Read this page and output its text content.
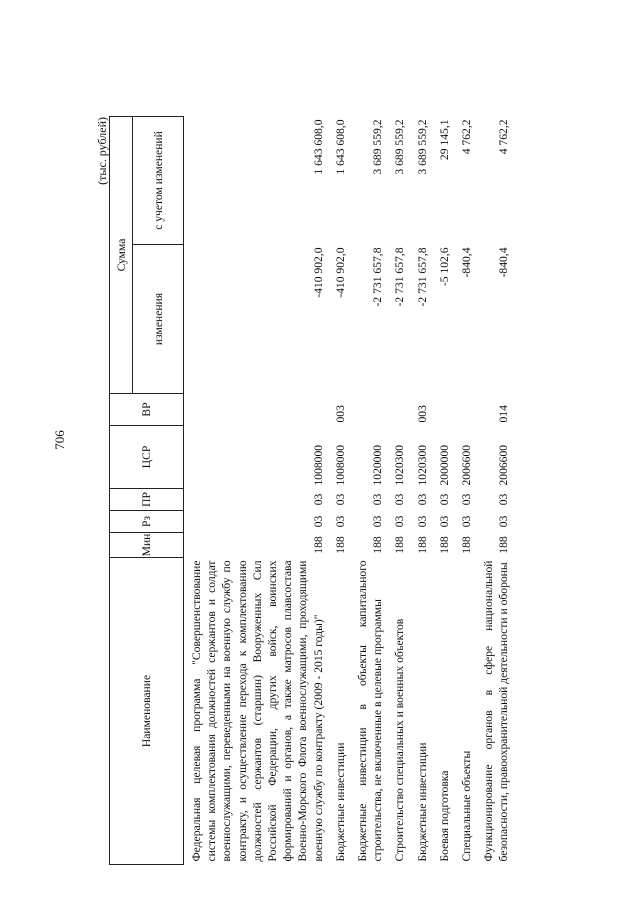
706
(тыс. рублей)
Наименование	Мин	Рз	ПР	ЦСР	ВР	Сумма	
						изменения	с учетом изменений
Федеральная целевая программа "Совершенствование системы комплектования должностей сержантов и солдат военнослужащими, переведенными на военную службу по контракту, и осуществление перехода к комплектованию должностей сержантов (старшин) Вооруженных Сил Российской Федерации, других войск, воинских формирований и органов, а также матросов плавсостава Военно-Морского Флота военнослужащими, проходящими военную службу по контракту (2009 - 2015 годы)"	188	03	03	1008000		-410 902,0	1 643 608,0
Бюджетные инвестиции	188	03	03	1008000	003	-410 902,0	1 643 608,0
Бюджетные инвестиции в объекты капитального строительства, не включенные в целевые программы	188	03	03	1020000		-2 731 657,8	3 689 559,2
Строительство специальных и военных объектов	188	03	03	1020300		-2 731 657,8	3 689 559,2
Бюджетные инвестиции	188	03	03	1020300	003	-2 731 657,8	3 689 559,2
Боевая подготовка	188	03	03	2000000		-5 102,6	29 145,1
Специальные объекты	188	03	03	2006600		-840,4	4 762,2
Функционирование органов в сфере национальной безопасности, правоохранительной деятельности и обороны	188	03	03	2006600	014	-840,4	4 762,2
